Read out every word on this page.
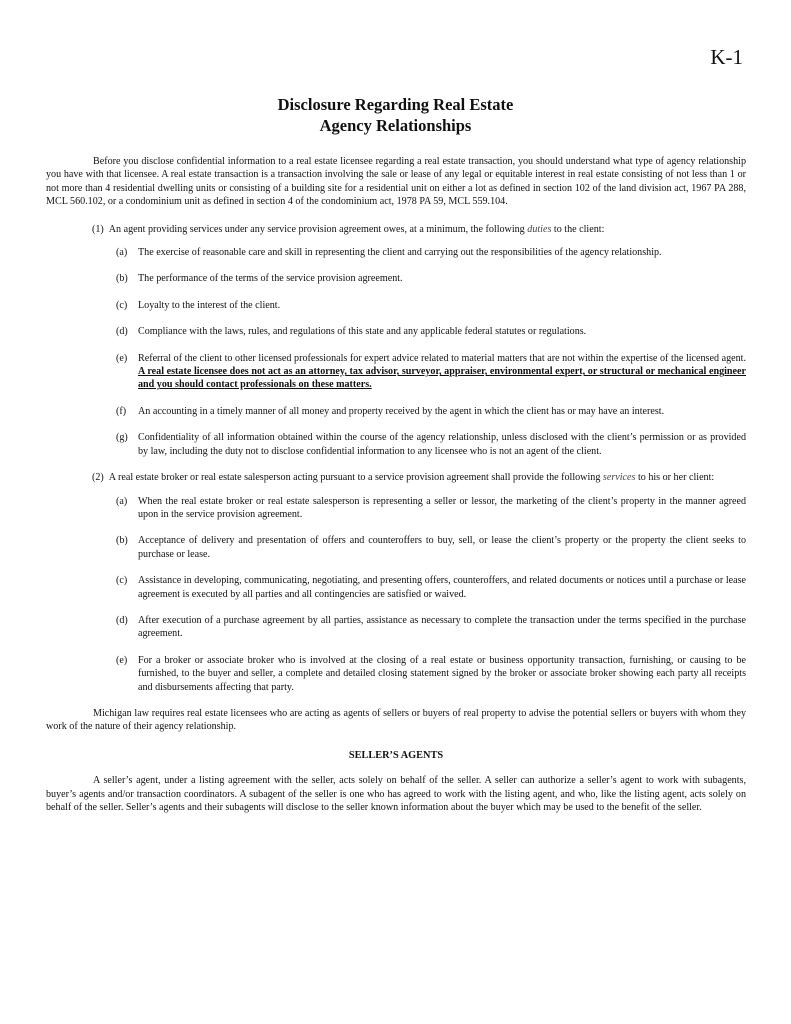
K-1
Disclosure Regarding Real Estate
Agency Relationships

Before you disclose confidential information to a real estate licensee regarding a real estate transaction, you should understand what type of agency relationship you have with that licensee. A real estate transaction is a transaction involving the sale or lease of any legal or equitable interest in real estate consisting of not less than 1 or not more than 4 residential dwelling units or consisting of a building site for a residential unit on either a lot as defined in section 102 of the land division act, 1967 PA 288, MCL 560.102, or a condominium unit as defined in section 4 of the condominium act, 1978 PA 59, MCL 559.104.

(1) An agent providing services under any service provision agreement owes, at a minimum, the following duties to the client:

(a)	The exercise of reasonable care and skill in representing the client and carrying out the responsibilities of the agency relationship.
(b)	The performance of the terms of the service provision agreement.
(c)	Loyalty to the interest of the client.
(d)	Compliance with the laws, rules, and regulations of this state and any applicable federal statutes or regulations.
(e)	Referral of the client to other licensed professionals for expert advice related to material matters that are not within the expertise of the licensed agent. A real estate licensee does not act as an attorney, tax advisor, surveyor, appraiser, environmental expert, or structural or mechanical engineer and you should contact professionals on these matters.
(f)	An accounting in a timely manner of all money and property received by the agent in which the client has or may have an interest.
(g)	Confidentiality of all information obtained within the course of the agency relationship, unless disclosed with the client’s permission or as provided by law, including the duty not to disclose confidential information to any licensee who is not an agent of the client.

(2) A real estate broker or real estate salesperson acting pursuant to a service provision agreement shall provide the following services to his or her client:

(a)	When the real estate broker or real estate salesperson is representing a seller or lessor, the marketing of the client’s property in the manner agreed upon in the service provision agreement.
(b)	Acceptance of delivery and presentation of offers and counteroffers to buy, sell, or lease the client’s property or the property the client seeks to purchase or lease.
(c)	Assistance in developing, communicating, negotiating, and presenting offers, counteroffers, and related documents or notices until a purchase or lease agreement is executed by all parties and all contingencies are satisfied or waived.
(d)	After execution of a purchase agreement by all parties, assistance as necessary to complete the transaction under the terms specified in the purchase agreement.
(e)	For a broker or associate broker who is involved at the closing of a real estate or business opportunity transaction, furnishing, or causing to be furnished, to the buyer and seller, a complete and detailed closing statement signed by the broker or associate broker showing each party all receipts and disbursements affecting that party.

Michigan law requires real estate licensees who are acting as agents of sellers or buyers of real property to advise the potential sellers or buyers with whom they work of the nature of their agency relationship.

SELLER’S AGENTS

A seller’s agent, under a listing agreement with the seller, acts solely on behalf of the seller. A seller can authorize a seller’s agent to work with subagents, buyer’s agents and/or transaction coordinators. A subagent of the seller is one who has agreed to work with the listing agent, and who, like the listing agent, acts solely on behalf of the seller. Seller’s agents and their subagents will disclose to the seller known information about the buyer which may be used to the benefit of the seller.
